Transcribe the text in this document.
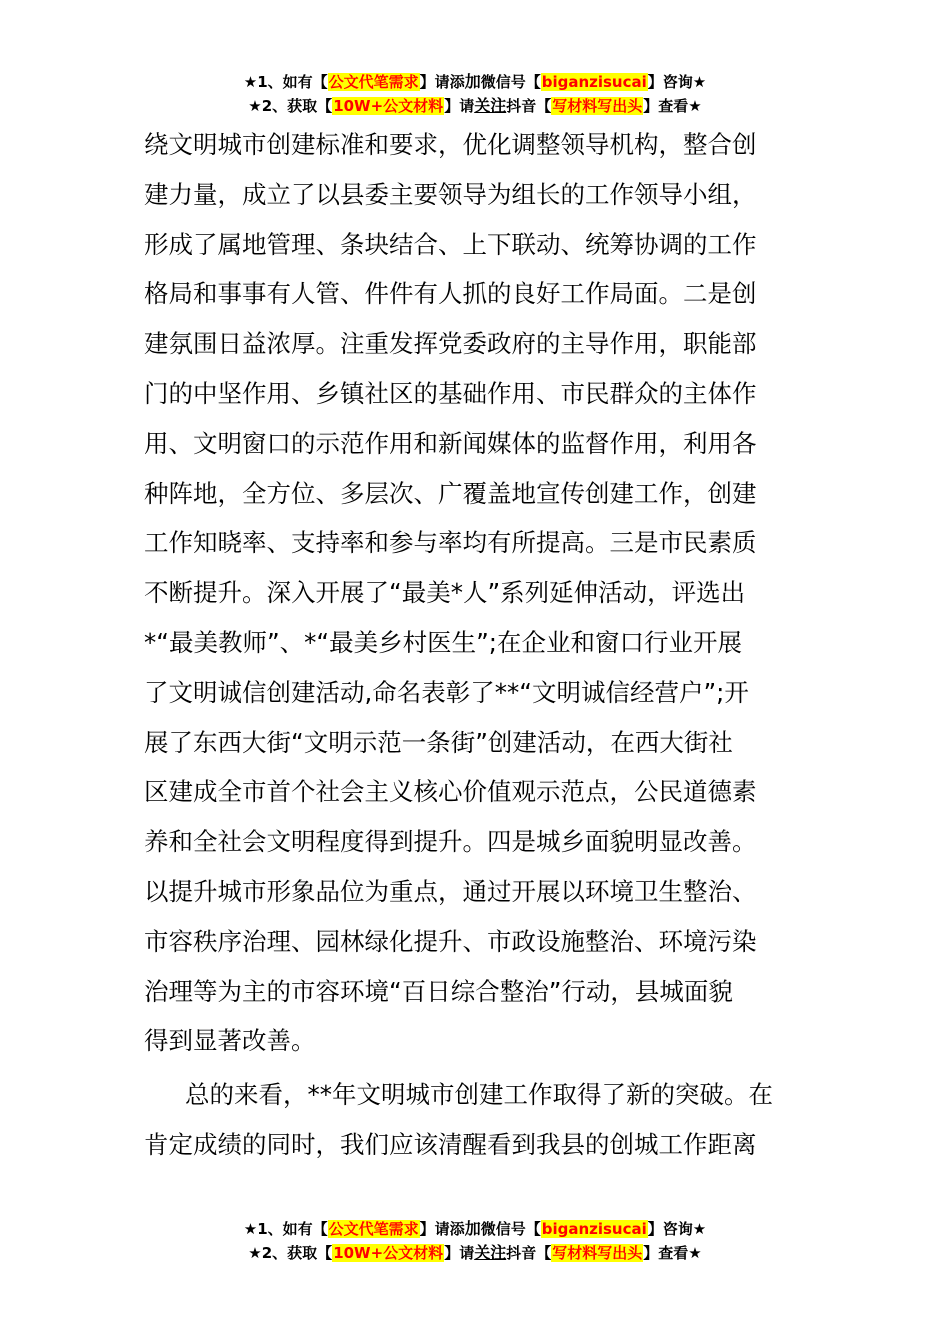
★1、如有【公文代笔需求】请添加微信号【biganzisucai】咨询★
★2、获取【10W+公文材料】请关注抖音【写材料写出头】查看★
绕文明城市创建标准和要求，优化调整领导机构，整合创
建力量，成立了以县委主要领导为组长的工作领导小组，
形成了属地管理、条块结合、上下联动、统筹协调的工作
格局和事事有人管、件件有人抓的良好工作局面。二是创
建氛围日益浓厚。注重发挥党委政府的主导作用，职能部
门的中坚作用、乡镇社区的基础作用、市民群众的主体作
用、文明窗口的示范作用和新闻媒体的监督作用，利用各
种阵地，全方位、多层次、广覆盖地宣传创建工作，创建
工作知晓率、支持率和参与率均有所提高。三是市民素质
不断提升。深入开展了“最美*人”系列延伸活动，评选出
*“最美教师”、*“最美乡村医生”;在企业和窗口行业开展
了文明诚信创建活动,命名表彰了**“文明诚信经营户”;开
展了东西大街“文明示范一条街”创建活动，在西大街社
区建成全市首个社会主义核心价值观示范点，公民道德素
养和全社会文明程度得到提升。四是城乡面貌明显改善。
以提升城市形象品位为重点，通过开展以环境卫生整治、
市容秩序治理、园林绿化提升、市政设施整治、环境污染
治理等为主的市容环境“百日综合整治”行动，县城面貌
得到显著改善。
总的来看，**年文明城市创建工作取得了新的突破。在
肯定成绩的同时，我们应该清醒看到我县的创城工作距离
★1、如有【公文代笔需求】请添加微信号【biganzisucai】咨询★
★2、获取【10W+公文材料】请关注抖音【写材料写出头】查看★
